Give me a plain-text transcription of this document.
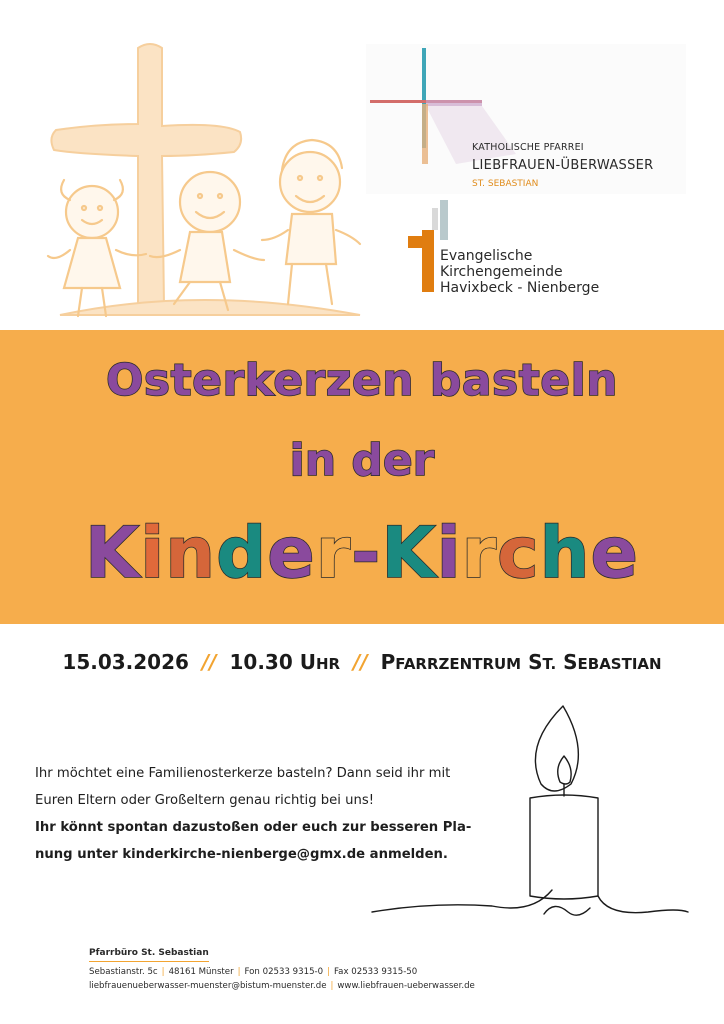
KATHOLISCHE PFARREI
LIEBFRAUEN-ÜBERWASSER
ST. SEBASTIAN
Evangelische
Kirchengemeinde
Havixbeck - Nienberge
Osterkerzen basteln
in der
Kinder-Kirche
15.03.2026 // 10.30 UHR // PFARRZENTRUM ST. SEBASTIAN
Ihr möchtet eine Familienosterkerze basteln? Dann seid ihr mit
Euren Eltern oder Großeltern genau richtig bei uns!
Ihr könnt spontan dazustoßen oder euch zur besseren Pla-
nung unter kinderkirche-nienberge@gmx.de anmelden.
Pfarrbüro St. Sebastian
Sebastianstr. 5c | 48161 Münster | Fon 02533 9315-0 | Fax 02533 9315-50
liebfrauenueberwasser-muenster@bistum-muenster.de | www.liebfrauen-ueberwasser.de
